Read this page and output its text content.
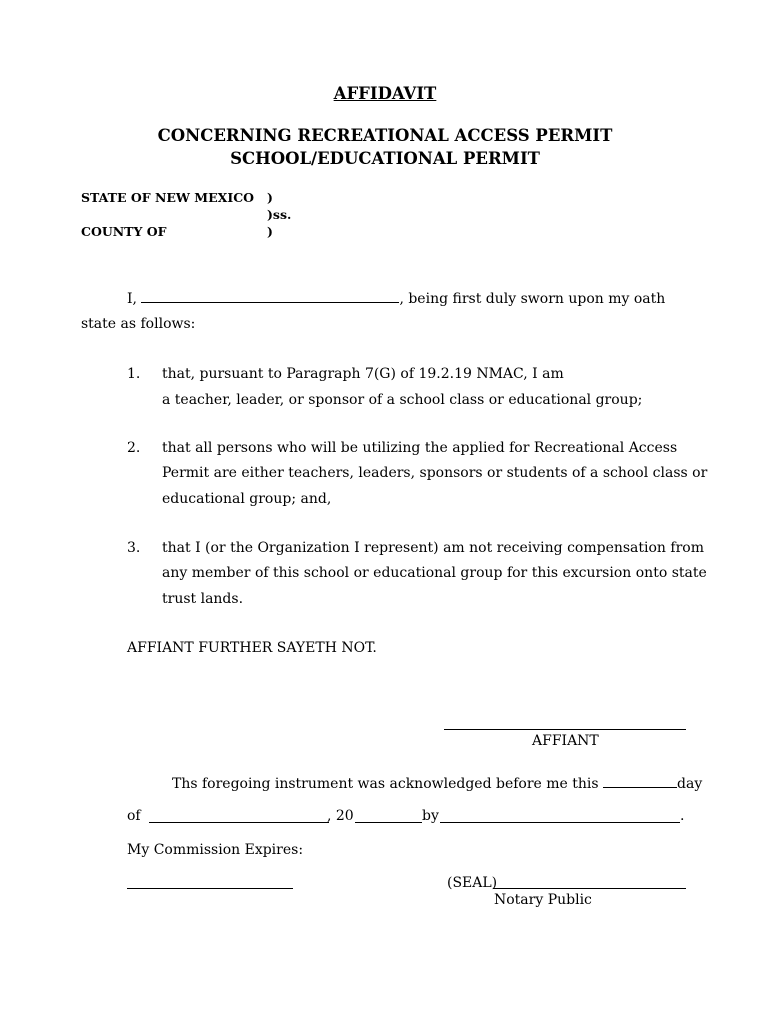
AFFIDAVIT
CONCERNING RECREATIONAL ACCESS PERMIT
SCHOOL/EDUCATIONAL PERMIT
STATE OF NEW MEXICO )
)ss.
COUNTY OF	)
I,	, being first duly sworn upon my oath
state as follows:
1. that, pursuant to Paragraph 7(G) of 19.2.19 NMAC, I am
a teacher, leader, or sponsor of a school class or educational group;
2. that all persons who will be utilizing the applied for Recreational Access
Permit are either teachers, leaders, sponsors or students of a school class or
educational group; and,
3. that I (or the Organization I represent) am not receiving compensation from
any member of this school or educational group for this excursion onto state
trust lands.
AFFIANT FURTHER SAYETH NOT.
AFFIANT
Ths foregoing instrument was acknowledged before me this	day
of	, 20	by	.
My Commission Expires:
(SEAL)
Notary Public
